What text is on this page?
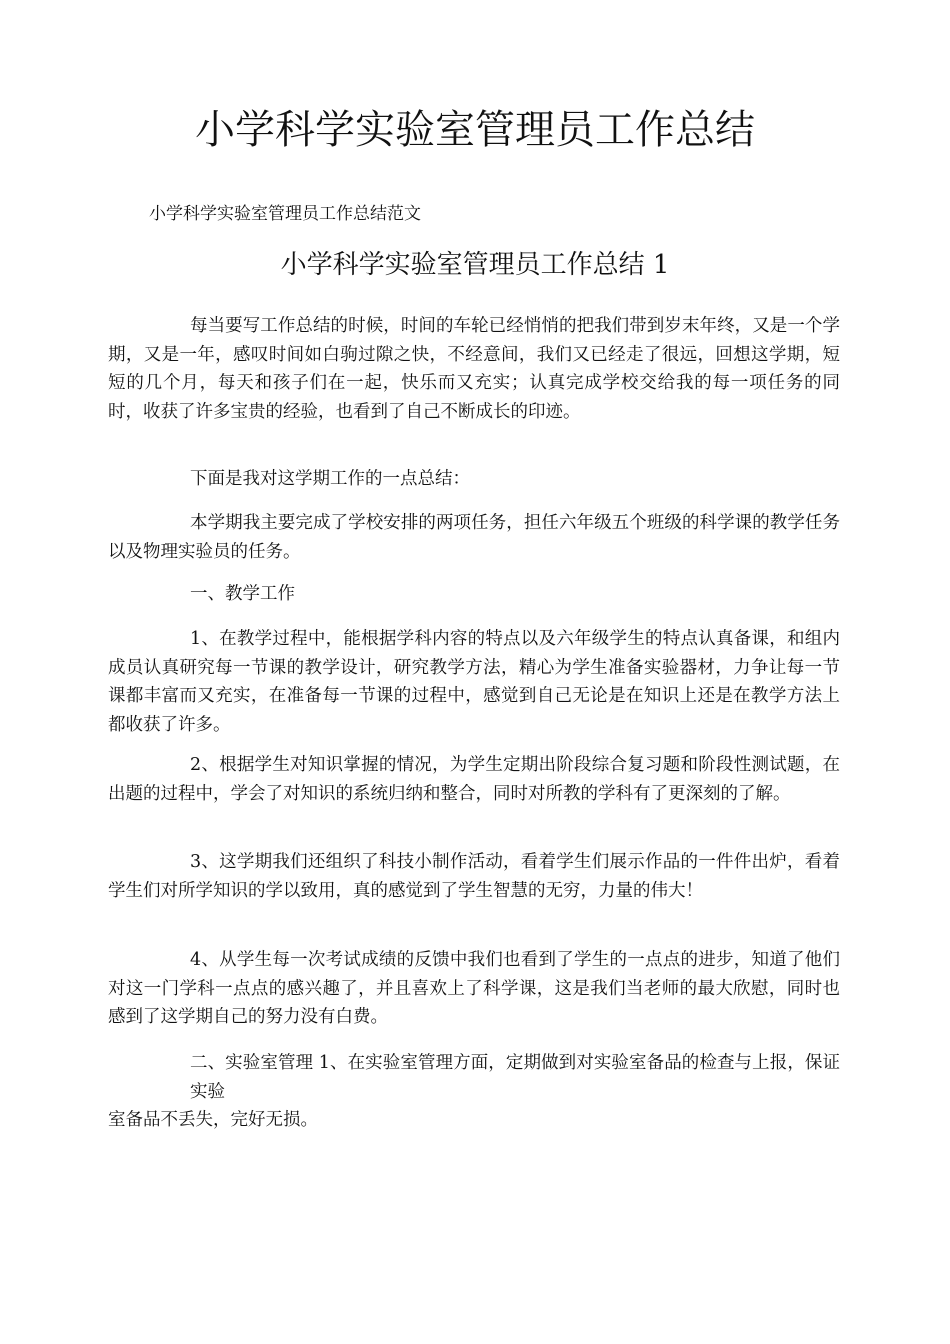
小学科学实验室管理员工作总结

小学科学实验室管理员工作总结范文

小学科学实验室管理员工作总结 1

每当要写工作总结的时候，时间的车轮已经悄悄的把我们带到岁末年终，又是一个学期，又是一年，感叹时间如白驹过隙之快，不经意间，我们又已经走了很远，回想这学期，短短的几个月，每天和孩子们在一起，快乐而又充实；认真完成学校交给我的每一项任务的同时，收获了许多宝贵的经验，也看到了自己不断成长的印迹。

下面是我对这学期工作的一点总结：

本学期我主要完成了学校安排的两项任务，担任六年级五个班级的科学课的教学任务以及物理实验员的任务。

一、教学工作

1、在教学过程中，能根据学科内容的特点以及六年级学生的特点认真备课，和组内成员认真研究每一节课的教学设计，研究教学方法，精心为学生准备实验器材，力争让每一节课都丰富而又充实，在准备每一节课的过程中，感觉到自己无论是在知识上还是在教学方法上都收获了许多。

2、根据学生对知识掌握的情况，为学生定期出阶段综合复习题和阶段性测试题，在出题的过程中，学会了对知识的系统归纳和整合，同时对所教的学科有了更深刻的了解。

3、这学期我们还组织了科技小制作活动，看着学生们展示作品的一件件出炉，看着学生们对所学知识的学以致用，真的感觉到了学生智慧的无穷，力量的伟大！

4、从学生每一次考试成绩的反馈中我们也看到了学生的一点点的进步，知道了他们对这一门学科一点点的感兴趣了，并且喜欢上了科学课，这是我们当老师的最大欣慰，同时也感到了这学期自己的努力没有白费。

二、实验室管理 1、在实验室管理方面，定期做到对实验室备品的检查与上报，保证实验
室备品不丢失，完好无损。
